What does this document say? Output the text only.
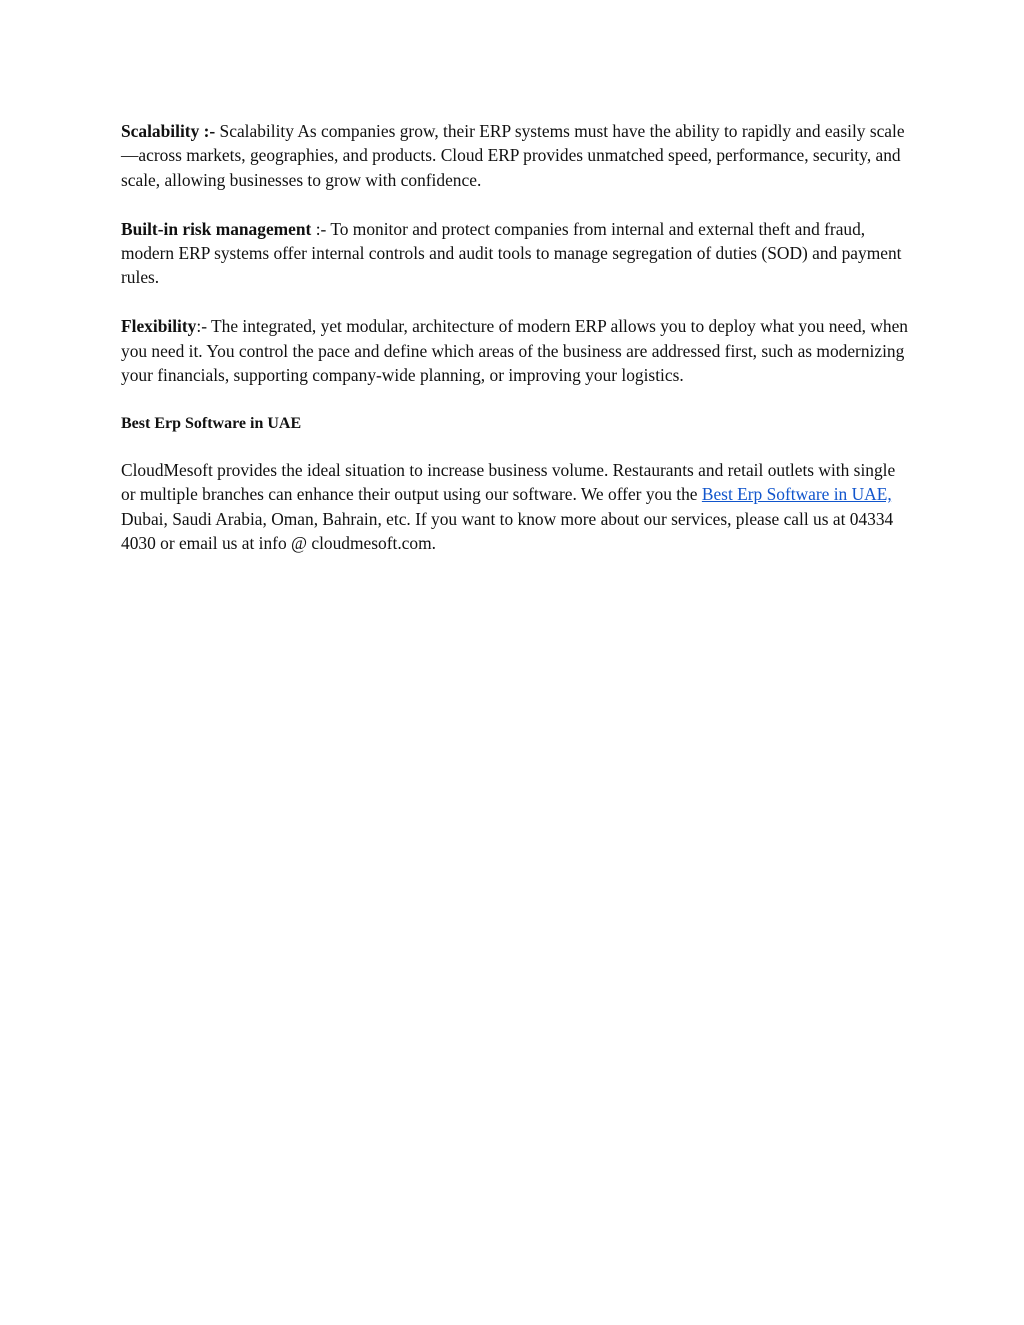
Scalability :- Scalability As companies grow, their ERP systems must have the ability to rapidly and easily scale—across markets, geographies, and products. Cloud ERP provides unmatched speed, performance, security, and scale, allowing businesses to grow with confidence.

Built-in risk management :- To monitor and protect companies from internal and external theft and fraud, modern ERP systems offer internal controls and audit tools to manage segregation of duties (SOD) and payment rules.

Flexibility:- The integrated, yet modular, architecture of modern ERP allows you to deploy what you need, when you need it. You control the pace and define which areas of the business are addressed first, such as modernizing your financials, supporting company-wide planning, or improving your logistics.

Best Erp Software in UAE

CloudMesoft provides the ideal situation to increase business volume. Restaurants and retail outlets with single or multiple branches can enhance their output using our software. We offer you the Best Erp Software in UAE, Dubai, Saudi Arabia, Oman, Bahrain, etc. If you want to know more about our services, please call us at 04334 4030 or email us at info @ cloudmesoft.com.
